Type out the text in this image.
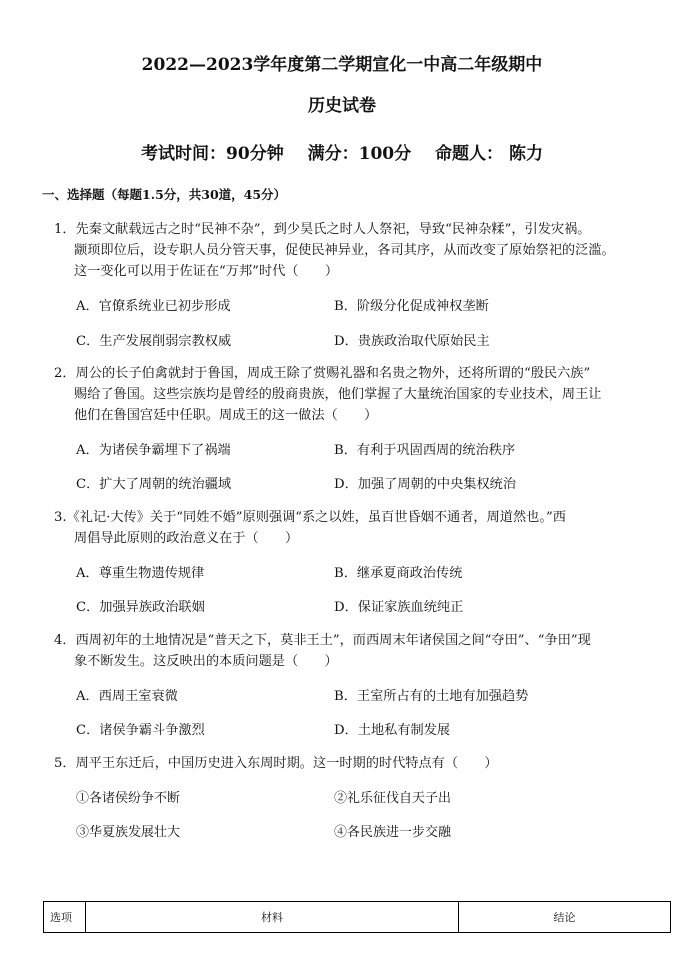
2022—2023学年度第二学期宣化一中高二年级期中
历史试卷
考试时间：90分钟 满分：100分 命题人： 陈力
一、选择题（每题1.5分，共30道，45分）
1．先秦文献载远古之时“民神不杂”，到少昊氏之时人人祭祀，导致“民神杂糅”，引发灾祸。
颛顼即位后，设专职人员分管天事，促使民神异业，各司其序，从而改变了原始祭祀的泛滥。
这一变化可以用于佐证在“万邦”时代（　　）
A．官僚系统业已初步形成	B．阶级分化促成神权垄断
C．生产发展削弱宗教权威	D．贵族政治取代原始民主
2．周公的长子伯禽就封于鲁国，周成王除了赏赐礼器和名贵之物外，还将所谓的“殷民六族”
赐给了鲁国。这些宗族均是曾经的殷商贵族，他们掌握了大量统治国家的专业技术，周王让
他们在鲁国宫廷中任职。周成王的这一做法（　　）
A．为诸侯争霸埋下了祸端	B．有利于巩固西周的统治秩序
C．扩大了周朝的统治疆域	D．加强了周朝的中央集权统治
3.《礼记·大传》关于“同姓不婚”原则强调“系之以姓，虽百世昏姻不通者，周道然也。”西
周倡导此原则的政治意义在于（　　）
A．尊重生物遗传规律	B．继承夏商政治传统
C．加强异族政治联姻	D．保证家族血统纯正
4．西周初年的土地情况是“普天之下，莫非王土”，而西周末年诸侯国之间“夺田”、“争田”现
象不断发生。这反映出的本质问题是（　　）
A．西周王室衰微	B．王室所占有的土地有加强趋势
C．诸侯争霸斗争激烈	D．土地私有制发展
5．周平王东迁后，中国历史进入东周时期。这一时期的时代特点有（　　）
①各诸侯纷争不断	②礼乐征伐自天子出
③华夏族发展壮大	④各民族进一步交融
选项	材料	结论
